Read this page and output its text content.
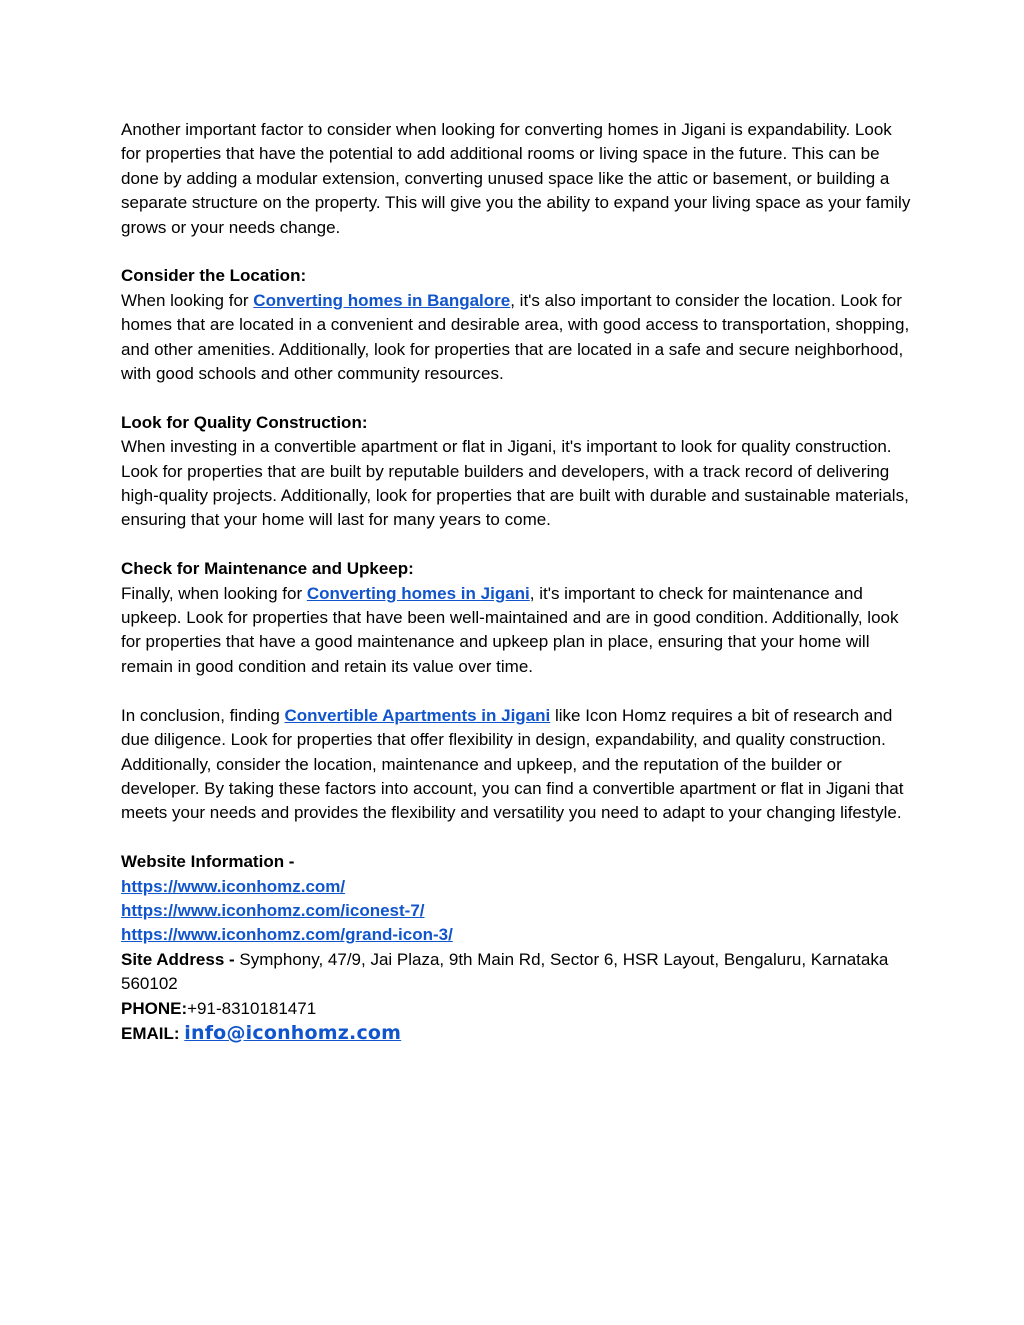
Another important factor to consider when looking for converting homes in Jigani is expandability. Look for properties that have the potential to add additional rooms or living space in the future. This can be done by adding a modular extension, converting unused space like the attic or basement, or building a separate structure on the property. This will give you the ability to expand your living space as your family grows or your needs change.

Consider the Location:

When looking for Converting homes in Bangalore, it's also important to consider the location. Look for homes that are located in a convenient and desirable area, with good access to transportation, shopping, and other amenities. Additionally, look for properties that are located in a safe and secure neighborhood, with good schools and other community resources.

Look for Quality Construction:

When investing in a convertible apartment or flat in Jigani, it's important to look for quality construction. Look for properties that are built by reputable builders and developers, with a track record of delivering high-quality projects. Additionally, look for properties that are built with durable and sustainable materials, ensuring that your home will last for many years to come.

Check for Maintenance and Upkeep:

Finally, when looking for Converting homes in Jigani, it's important to check for maintenance and upkeep. Look for properties that have been well-maintained and are in good condition. Additionally, look for properties that have a good maintenance and upkeep plan in place, ensuring that your home will remain in good condition and retain its value over time.

In conclusion, finding Convertible Apartments in Jigani like Icon Homz requires a bit of research and due diligence. Look for properties that offer flexibility in design, expandability, and quality construction. Additionally, consider the location, maintenance and upkeep, and the reputation of the builder or developer. By taking these factors into account, you can find a convertible apartment or flat in Jigani that meets your needs and provides the flexibility and versatility you need to adapt to your changing lifestyle.

Website Information -

https://www.iconhomz.com/

https://www.iconhomz.com/iconest-7/

https://www.iconhomz.com/grand-icon-3/

Site Address - Symphony, 47/9, Jai Plaza, 9th Main Rd, Sector 6, HSR Layout, Bengaluru, Karnataka 560102

PHONE:+91-8310181471

EMAIL: info@iconhomz.com
